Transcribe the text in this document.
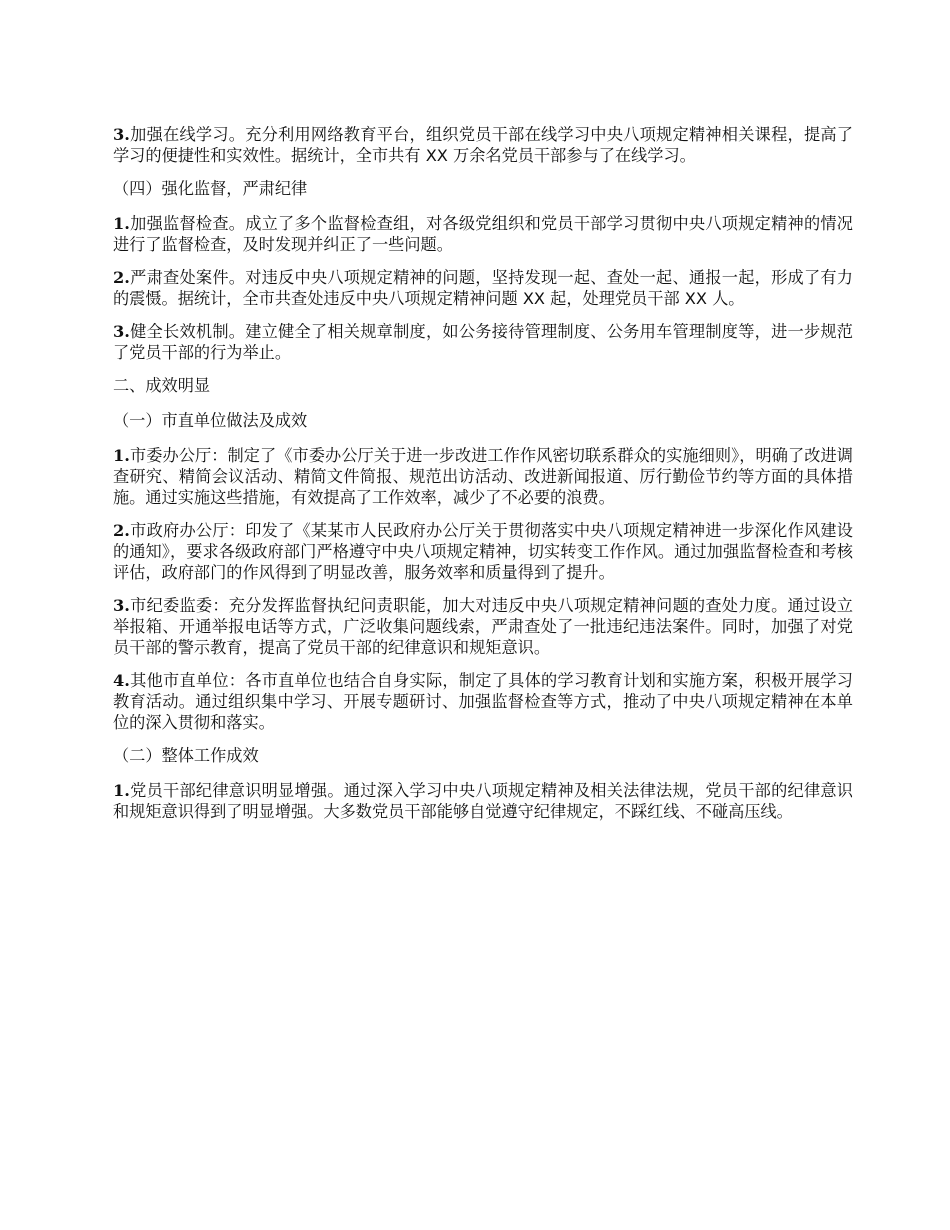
3.加强在线学习。充分利用网络教育平台，组织党员干部在线学习中央八项规定精神相关课程，提高了学习的便捷性和实效性。据统计，全市共有 XX 万余名党员干部参与了在线学习。

（四）强化监督，严肃纪律

1.加强监督检查。成立了多个监督检查组，对各级党组织和党员干部学习贯彻中央八项规定精神的情况进行了监督检查，及时发现并纠正了一些问题。

2.严肃查处案件。对违反中央八项规定精神的问题，坚持发现一起、查处一起、通报一起，形成了有力的震慑。据统计，全市共查处违反中央八项规定精神问题 XX 起，处理党员干部 XX 人。

3.健全长效机制。建立健全了相关规章制度，如公务接待管理制度、公务用车管理制度等，进一步规范了党员干部的行为举止。

二、成效明显

（一）市直单位做法及成效

1.市委办公厅：制定了《市委办公厅关于进一步改进工作作风密切联系群众的实施细则》，明确了改进调查研究、精简会议活动、精简文件简报、规范出访活动、改进新闻报道、厉行勤俭节约等方面的具体措施。通过实施这些措施，有效提高了工作效率，减少了不必要的浪费。

2.市政府办公厅：印发了《某某市人民政府办公厅关于贯彻落实中央八项规定精神进一步深化作风建设的通知》，要求各级政府部门严格遵守中央八项规定精神，切实转变工作作风。通过加强监督检查和考核评估，政府部门的作风得到了明显改善，服务效率和质量得到了提升。

3.市纪委监委：充分发挥监督执纪问责职能，加大对违反中央八项规定精神问题的查处力度。通过设立举报箱、开通举报电话等方式，广泛收集问题线索，严肃查处了一批违纪违法案件。同时，加强了对党员干部的警示教育，提高了党员干部的纪律意识和规矩意识。

4.其他市直单位：各市直单位也结合自身实际，制定了具体的学习教育计划和实施方案，积极开展学习教育活动。通过组织集中学习、开展专题研讨、加强监督检查等方式，推动了中央八项规定精神在本单位的深入贯彻和落实。

（二）整体工作成效

1.党员干部纪律意识明显增强。通过深入学习中央八项规定精神及相关法律法规，党员干部的纪律意识和规矩意识得到了明显增强。大多数党员干部能够自觉遵守纪律规定，不踩红线、不碰高压线。
